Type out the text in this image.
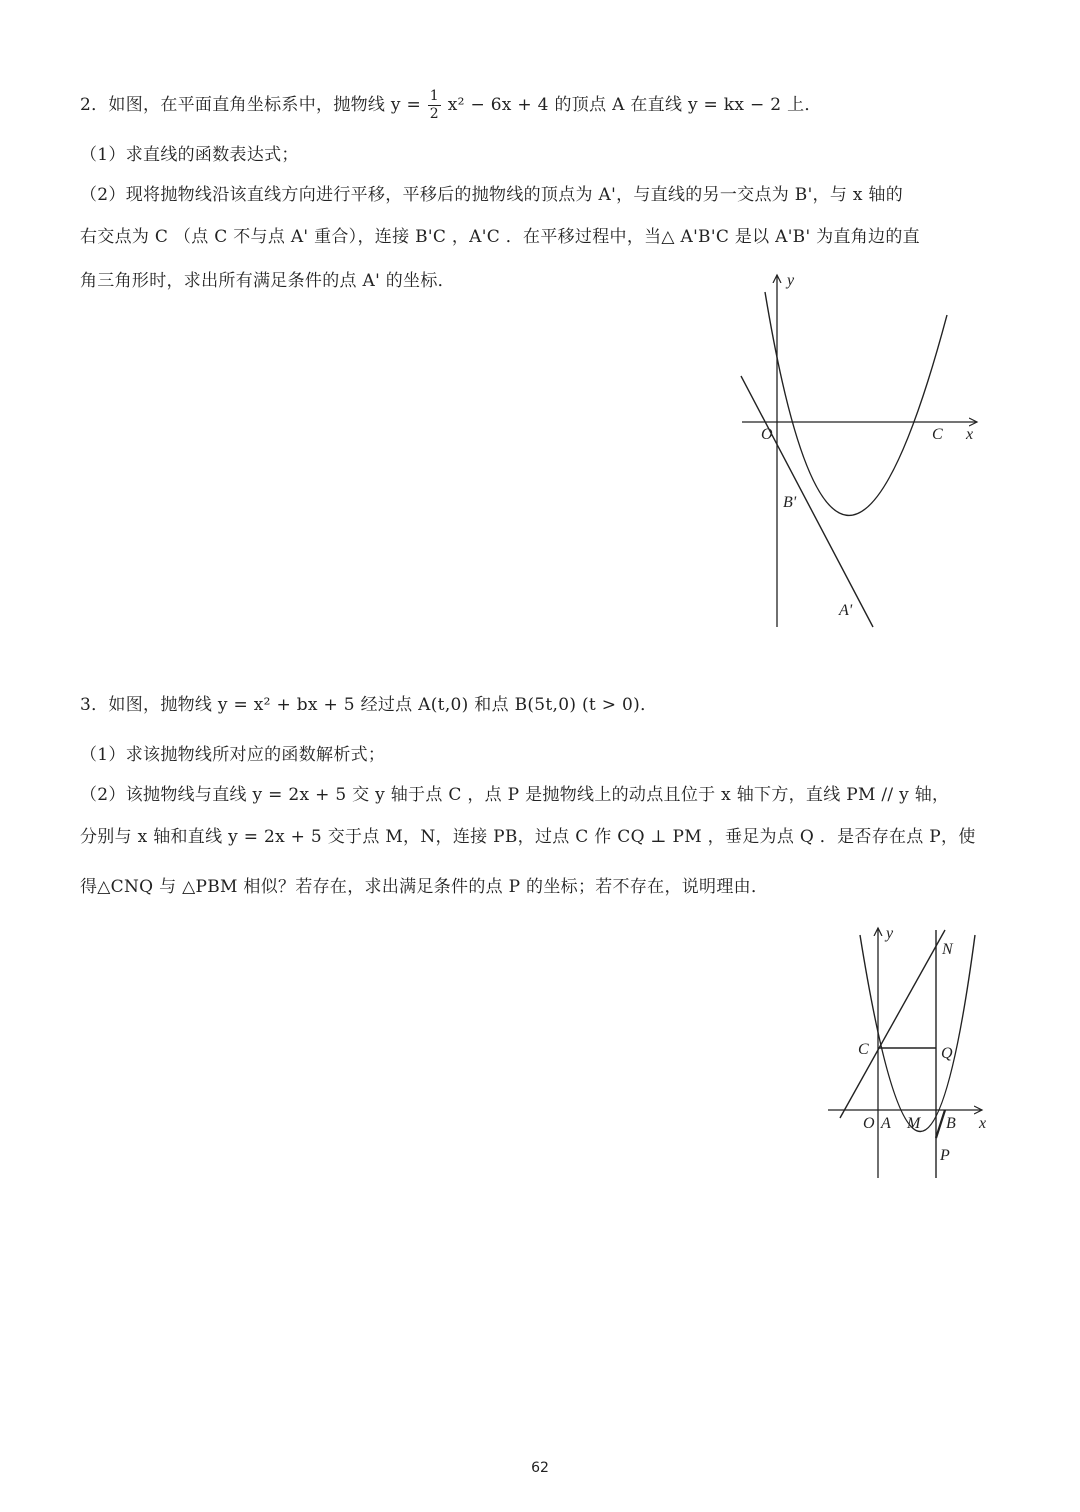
2．如图，在平面直角坐标系中，抛物线 $y = \frac{1}{2} x^2 - 6x + 4$ 的顶点 A 在直线 y = kx − 2 上．
（1）求直线的函数表达式；
（2）现将抛物线沿该直线方向进行平移，平移后的抛物线的顶点为 A'，与直线的另一交点为 B'，与 x 轴的
右交点为 C （点 C 不与点 A' 重合），连接 B'C ，A'C ．在平移过程中，当△ A'B'C 是以 A'B' 为直角边的直
角三角形时，求出所有满足条件的点 A' 的坐标．	y
x
O	C
B'
A'
3．如图，抛物线 y = x² + bx + 5 经过点 A(t,0) 和点 B(5t,0) (t > 0)．
（1）求该抛物线所对应的函数解析式；
（2）该抛物线与直线 y = 2x + 5 交 y 轴于点 C ，点 P 是抛物线上的动点且位于 x 轴下方，直线 PM // y 轴，
分别与 x 轴和直线 y = 2x + 5 交于点 M，N，连接 PB，过点 C 作 CQ ⊥ PM ，垂足为点 Q ．是否存在点 P，使
得△CNQ 与 △PBM 相似？若存在，求出满足条件的点 P 的坐标；若不存在，说明理由．
y
x
N
C	Q
O A M B
P
62
